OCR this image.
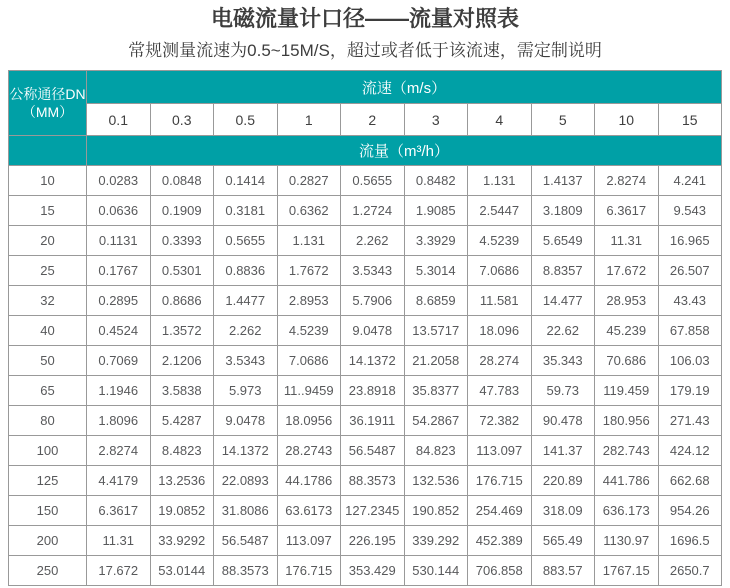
电磁流量计口径——流量对照表
常规测量流速为0.5~15M/S，超过或者低于该流速，需定制说明
公称通径DN
（MM）	流速（m/s）									
	0.1	0.3	0.5	1	2	3	4	5	10	15
	流量（m³/h）									
10	0.0283	0.0848	0.1414	0.2827	0.5655	0.8482	1.131	1.4137	2.8274	4.241
15	0.0636	0.1909	0.3181	0.6362	1.2724	1.9085	2.5447	3.1809	6.3617	9.543
20	0.1131	0.3393	0.5655	1.131	2.262	3.3929	4.5239	5.6549	11.31	16.965
25	0.1767	0.5301	0.8836	1.7672	3.5343	5.3014	7.0686	8.8357	17.672	26.507
32	0.2895	0.8686	1.4477	2.8953	5.7906	8.6859	11.581	14.477	28.953	43.43
40	0.4524	1.3572	2.262	4.5239	9.0478	13.5717	18.096	22.62	45.239	67.858
50	0.7069	2.1206	3.5343	7.0686	14.1372	21.2058	28.274	35.343	70.686	106.03
65	1.1946	3.5838	5.973	11..9459	23.8918	35.8377	47.783	59.73	119.459	179.19
80	1.8096	5.4287	9.0478	18.0956	36.1911	54.2867	72.382	90.478	180.956	271.43
100	2.8274	8.4823	14.1372	28.2743	56.5487	84.823	113.097	141.37	282.743	424.12
125	4.4179	13.2536	22.0893	44.1786	88.3573	132.536	176.715	220.89	441.786	662.68
150	6.3617	19.0852	31.8086	63.6173	127.2345	190.852	254.469	318.09	636.173	954.26
200	11.31	33.9292	56.5487	113.097	226.195	339.292	452.389	565.49	1130.97	1696.5
250	17.672	53.0144	88.3573	176.715	353.429	530.144	706.858	883.57	1767.15	2650.7
